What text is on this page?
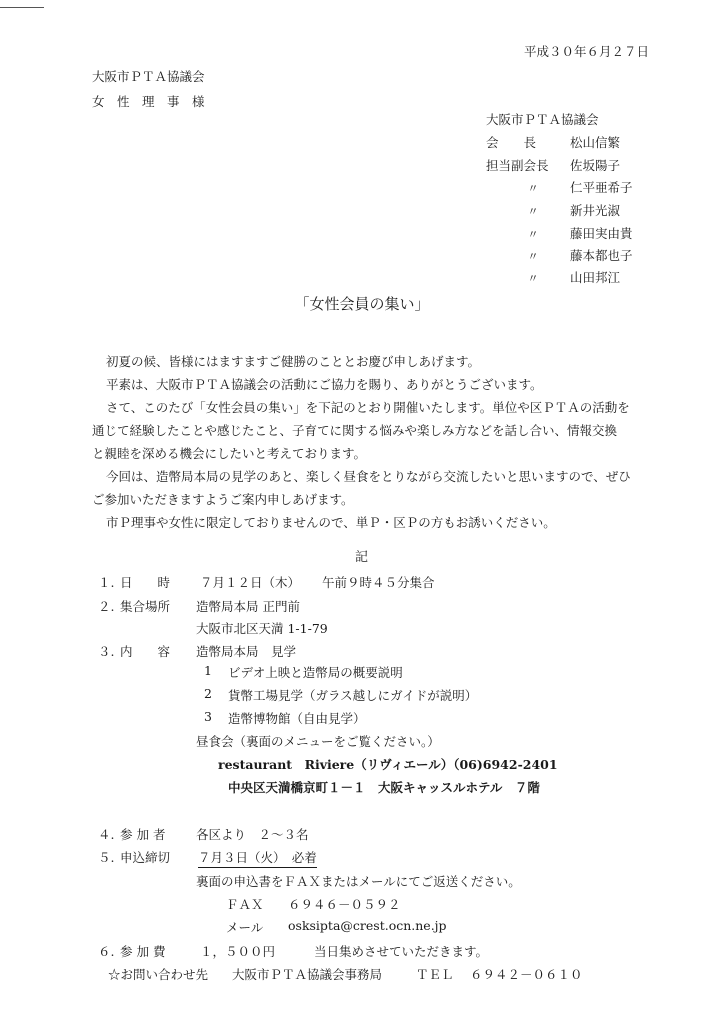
平成３０年６月２７日
大阪市ＰＴＡ協議会
女　性　理　事　様
大阪市ＰＴＡ協議会
会　　長	松山信繁
担当副会長 佐坂陽子
〃	仁平亜希子
〃	新井光淑
〃	藤田実由貴
〃	藤本都也子
〃	山田邦江
「女性会員の集い」

初夏の候、皆様にはますますご健勝のこととお慶び申しあげます。

平素は、大阪市ＰＴＡ協議会の活動にご協力を賜り、ありがとうございます。

さて、このたび「女性会員の集い」を下記のとおり開催いたします。単位や区ＰＴＡの活動を

通じて経験したことや感じたこと、子育てに関する悩みや楽しみ方などを話し合い、情報交換

と親睦を深める機会にしたいと考えております。

今回は、造幣局本局の見学のあと、楽しく昼食をとりながら交流したいと思いますので、ぜひ

ご参加いただきますようご案内申しあげます。

市Ｐ理事や女性に限定しておりませんので、単Ｐ・区Ｐの方もお誘いください。

記
１. 日　　時 ７月１２日（木） 午前９時４５分集合
２. 集合場所 造幣局本局 正門前
大阪市北区天満 1-1-79
３. 内　　容 造幣局本局　見学
1 ビデオ上映と造幣局の概要説明
2 貨幣工場見学（ガラス越しにガイドが説明）
3 造幣博物館（自由見学）
昼食会（裏面のメニューをご覧ください。）
restaurant　Riviere（リヴィエール）（06)6942-2401
中央区天満橋京町１－１　大阪キャッスルホテル　７階
４. 参 加 者 各区より　２～３名
５. 申込締切 ７月３日（火）　必着
裏面の申込書をＦＡＸまたはメールにてご返送ください。
ＦＡＸ ６９４６－０５９２
メール osksipta@crest.ocn.ne.jp
６. 参 加 費	１，５００円	当日集めさせていただきます。
☆お問い合わせ先 大阪市ＰＴＡ協議会事務局	ＴＥＬ ６９４２－０６１０
